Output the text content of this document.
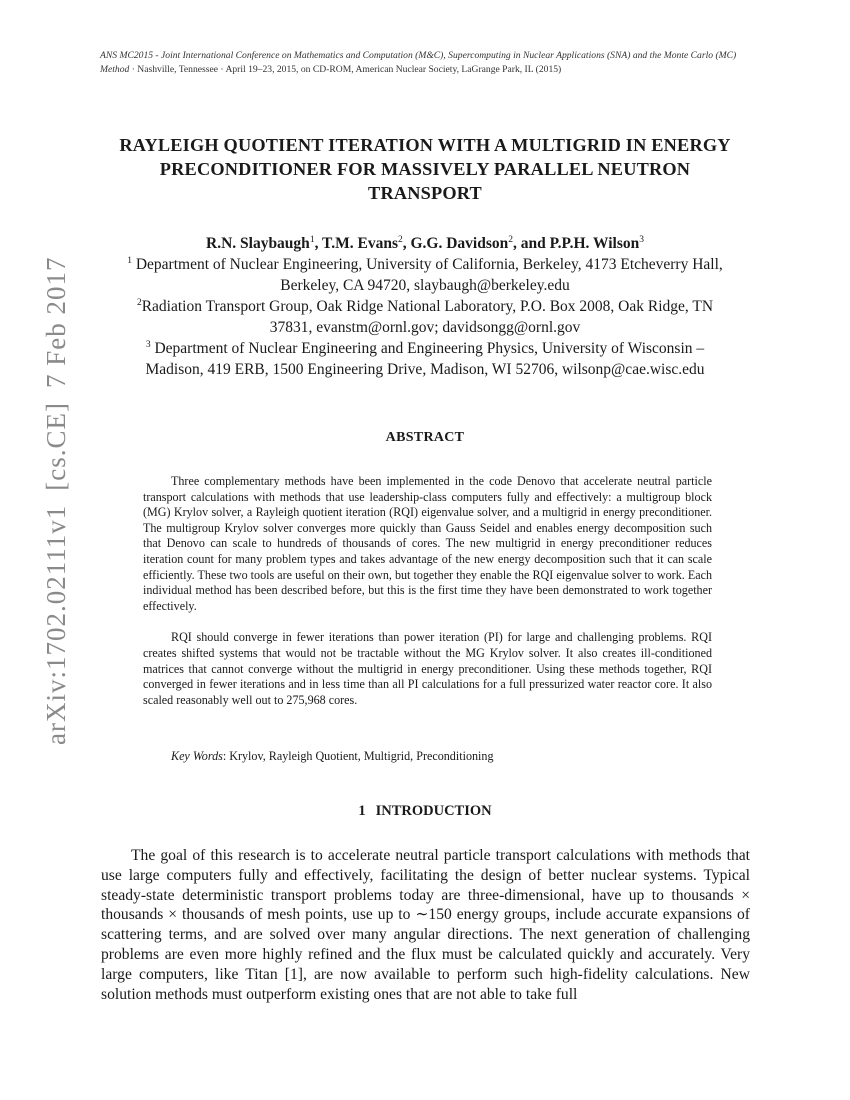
ANS MC2015 - Joint International Conference on Mathematics and Computation (M&C), Supercomputing in Nuclear Applications (SNA) and the Monte Carlo (MC) Method · Nashville, Tennessee · April 19–23, 2015, on CD-ROM, American Nuclear Society, LaGrange Park, IL (2015)
arXiv:1702.02111v1[cs.CE]7 Feb 2017
RAYLEIGH QUOTIENT ITERATION WITH A MULTIGRID IN ENERGY
PRECONDITIONER FOR MASSIVELY PARALLEL NEUTRON
TRANSPORT
R.N. Slaybaugh$^1$, T.M. Evans$^2$, G.G. Davidson$^2$, and P.P.H. Wilson$^3$
$^1$ Department of Nuclear Engineering, University of California, Berkeley, 4173 Etcheverry Hall,
Berkeley, CA 94720, slaybaugh@berkeley.edu
$^2$Radiation Transport Group, Oak Ridge National Laboratory, P.O. Box 2008, Oak Ridge, TN
37831, evanstm@ornl.gov; davidsongg@ornl.gov
$^3$ Department of Nuclear Engineering and Engineering Physics, University of Wisconsin –
Madison, 419 ERB, 1500 Engineering Drive, Madison, WI 52706, wilsonp@cae.wisc.edu
ABSTRACT

Three complementary methods have been implemented in the code Denovo that accelerate neutral particle transport calculations with methods that use leadership-class computers fully and effectively: a multigroup block (MG) Krylov solver, a Rayleigh quotient iteration (RQI) eigenvalue solver, and a multigrid in energy preconditioner. The multigroup Krylov solver converges more quickly than Gauss Seidel and enables energy decomposition such that Denovo can scale to hundreds of thousands of cores. The new multigrid in energy preconditioner reduces iteration count for many problem types and takes advantage of the new energy decomposition such that it can scale efficiently. These two tools are useful on their own, but together they enable the RQI eigenvalue solver to work. Each individual method has been described before, but this is the first time they have been demonstrated to work together effectively.

RQI should converge in fewer iterations than power iteration (PI) for large and challenging problems. RQI creates shifted systems that would not be tractable without the MG Krylov solver. It also creates ill-conditioned matrices that cannot converge without the multigrid in energy preconditioner. Using these methods together, RQI converged in fewer iterations and in less time than all PI calculations for a full pressurized water reactor core. It also scaled reasonably well out to 275,968 cores.

Key Words: Krylov, Rayleigh Quotient, Multigrid, Preconditioning
1 INTRODUCTION

The goal of this research is to accelerate neutral particle transport calculations with methods that use large computers fully and effectively, facilitating the design of better nuclear systems. Typical steady-state deterministic transport problems today are three-dimensional, have up to thousands × thousands × thousands of mesh points, use up to ∼150 energy groups, include accurate expansions of scattering terms, and are solved over many angular directions. The next generation of challenging problems are even more highly refined and the flux must be calculated quickly and accurately. Very large computers, like Titan [1], are now available to perform such high-fidelity calculations. New solution methods must outperform existing ones that are not able to take full
